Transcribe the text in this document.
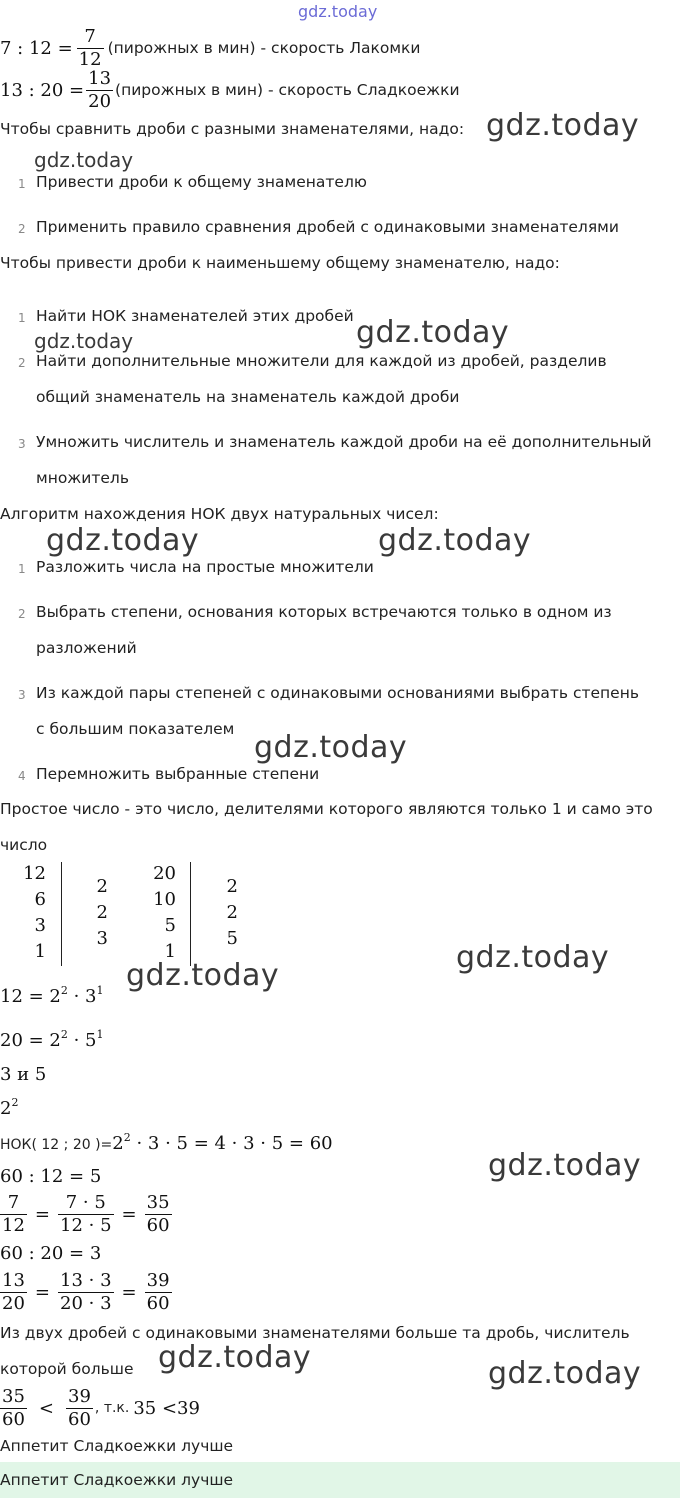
gdz.today
7 : $12 = \frac{7}{12}$ (пирожных в мин) - скорость Лакомки
13 : $20 = \frac{13}{20}$ (пирожных в мин) - скорость Сладкоежки
Чтобы сравнить дроби с разными знаменателями, надо: gdz.today
gdz.today
1 Привести дроби к общему знаменателю
2 Применить правило сравнения дробей с одинаковыми знаменателями
Чтобы привести дроби к наименьшему общему знаменателю, надо:
1 Найти НОК знаменателей этих дробей gdz.today
gdz.today
2 Найти дополнительные множители для каждой из дробей, разделив
общий знаменатель на знаменатель каждой дроби
3 Умножить числитель и знаменатель каждой дроби на её дополнительный
множитель
Алгоритм нахождения НОК двух натуральных чисел:
gdz.today	gdz.today
1 Разложить числа на простые множители
2 Выбрать степени, основания которых встречаются только в одном из
разложений
3 Из каждой пары степеней с одинаковыми основаниями выбрать степень
с большим показателем
gdz.today
4 Перемножить выбранные степени
Простое число - это число, делителями которого являются только 1 и само это
число
12
6
3
1
2
2
3
20
10
5
1
2
2
5
gdz.today
gdz.today
$12 = 2^2 \cdot 3^1$
$20 = 2^2 \cdot 5^1$
3 и 5
$2^2$
НОК( 12 ; 20 )= $2^2 \cdot 3 \cdot 5 = 4 \cdot 3 \cdot 5 = 60$
gdz.today
60 : 12 = 5
$\frac{7}{12} = \frac{7 \cdot 5}{12 \cdot 5} = \frac{35}{60}$
60 : 20 = 3
$\frac{13}{20} = \frac{13 \cdot 3}{20 \cdot 3} = \frac{39}{60}$
Из двух дробей с одинаковыми знаменателями больше та дробь, числитель
которой больше gdz.today	gdz.today
$\frac{35}{60} < \frac{39}{60}$ , т.к. 35 <39
Аппетит Сладкоежки лучше
Аппетит Сладкоежки лучше
